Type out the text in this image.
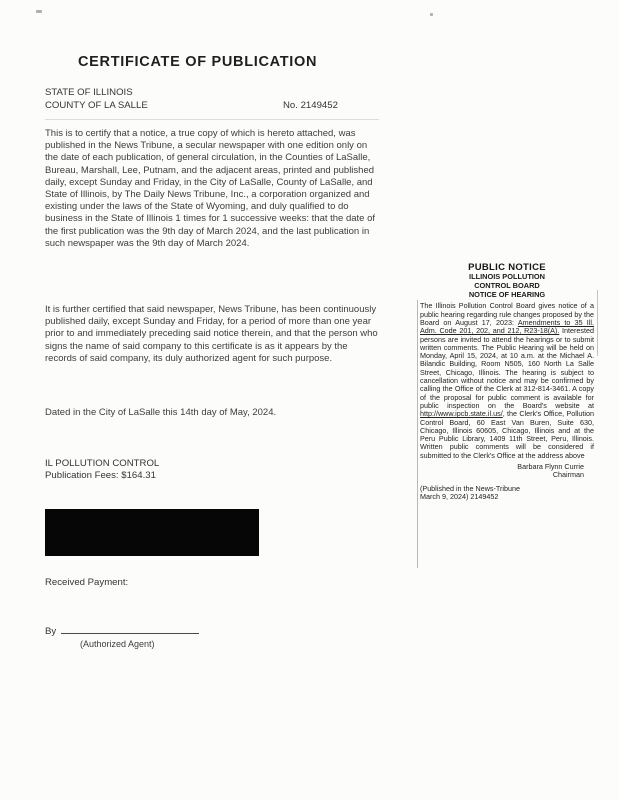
CERTIFICATE OF PUBLICATION
STATE OF ILLINOIS
COUNTY OF LA SALLE	No. 2149452

This is to certify that a notice, a true copy of which is hereto attached, was published in the News Tribune, a secular newspaper with one edition only on the date of each publication, of general circulation, in the Counties of LaSalle, Bureau, Marshall, Lee, Putnam, and the adjacent areas, printed and published daily, except Sunday and Friday, in the City of LaSalle, County of LaSalle, and State of Illinois, by The Daily News Tribune, Inc., a corporation organized and existing under the laws of the State of Wyoming, and duly qualified to do business in the State of Illinois 1 times for 1 successive weeks: that the date of the first publication was the 9th day of March 2024, and the last publication in such newspaper was the 9th day of March 2024.

It is further certified that said newspaper, News Tribune, has been continuously published daily, except Sunday and Friday, for a period of more than one year prior to and immediately preceding said notice therein, and that the person who signs the name of said company to this certificate is as it appears by the records of said company, its duly authorized agent for such purpose.

Dated in the City of LaSalle this 14th day of May, 2024.

IL POLLUTION CONTROL
Publication Fees: $164.31
Received Payment:
By
(Authorized Agent)
PUBLIC NOTICE
ILLINOIS POLLUTION
CONTROL BOARD
NOTICE OF HEARING

The Illinois Pollution Control Board gives notice of a public hearing regarding rule changes proposed by the Board on August 17, 2023: Amendments to 35 Ill. Adm. Code 201, 202, and 212, R23-18(A). Interested persons are invited to attend the hearings or to submit written comments. The Public Hearing will be held on Monday, April 15, 2024, at 10 a.m. at the Michael A. Bilandic Building, Room N505, 160 North La Salle Street, Chicago, Illinois. The hearing is subject to cancellation without notice and may be confirmed by calling the Office of the Clerk at 312-814-3461. A copy of the proposal for public comment is available for public inspection on the Board's website at http://www.ipcb.state.il.us/, the Clerk's Office, Pollution Control Board, 60 East Van Buren, Suite 630, Chicago, Illinois 60605, Chicago, Illinois and at the Peru Public Library, 1409 11th Street, Peru, Illinois. Written public comments will be considered if submitted to the Clerk's Office at the address above

Barbara Flynn Currie
Chairman
(Published in the News-Tribune
March 9, 2024) 2149452
